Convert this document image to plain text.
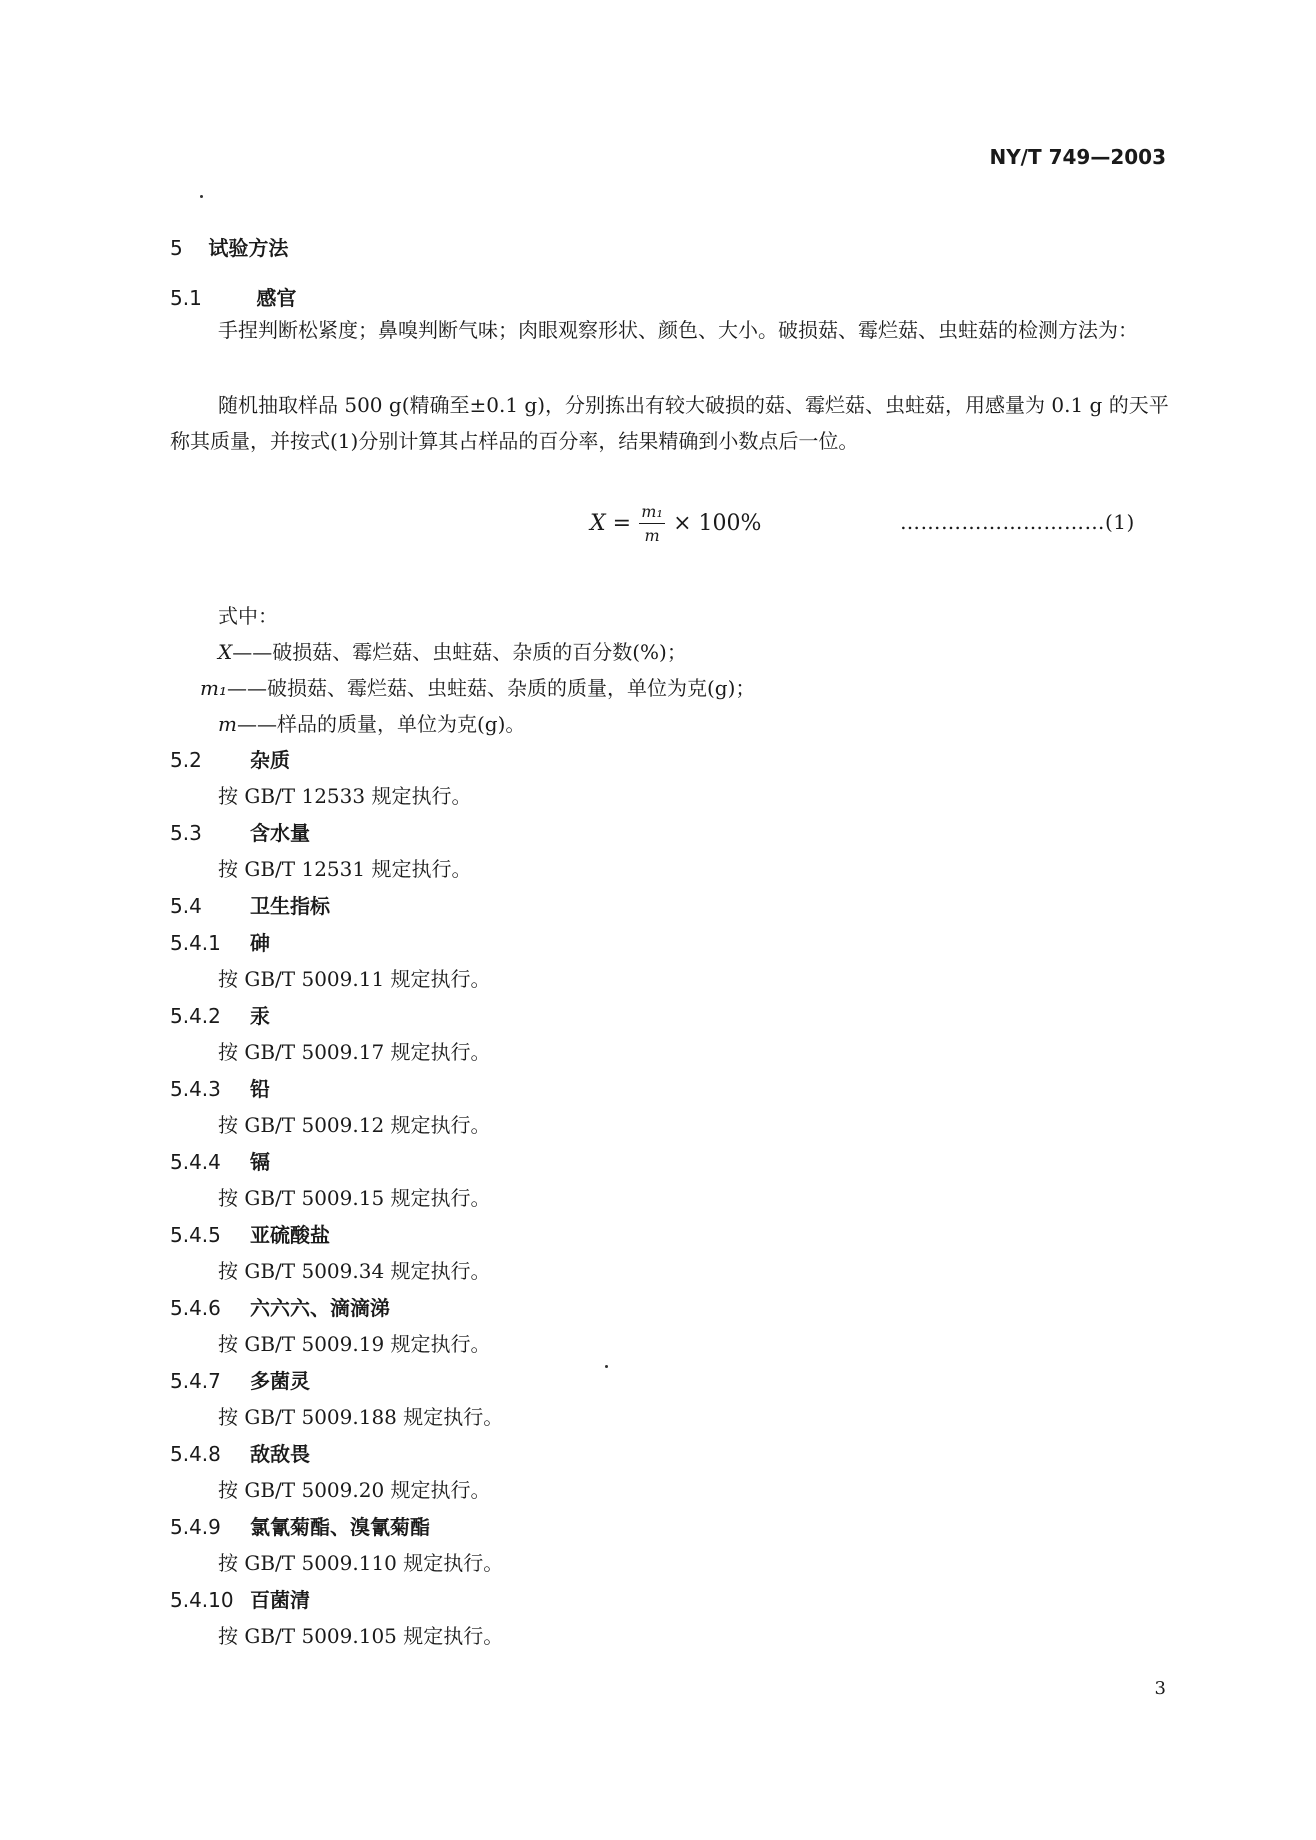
NY/T 749—2003
5 试验方法
5.1	感官
手捏判断松紧度；鼻嗅判断气味；肉眼观察形状、颜色、大小。破损菇、霉烂菇、虫蛀菇的检测方法为：
随机抽取样品 500 g(精确至±0.1 g)，分别拣出有较大破损的菇、霉烂菇、虫蛀菇，用感量为 0.1 g 的天平称其质量，并按式(1)分别计算其占样品的百分率，结果精确到小数点后一位。
$X = \frac{\text{m₁}}{m} \times 100\%$	…………………………(1)
式中：
X——破损菇、霉烂菇、虫蛀菇、杂质的百分数(%)；
m₁——破损菇、霉烂菇、虫蛀菇、杂质的质量，单位为克(g)；
m——样品的质量，单位为克(g)。
5.2 杂质
按 GB/T 12533 规定执行。
5.3 含水量
按 GB/T 12531 规定执行。
5.4 卫生指标
5.4.1 砷
按 GB/T 5009.11 规定执行。
5.4.2 汞
按 GB/T 5009.17 规定执行。
5.4.3 铅
按 GB/T 5009.12 规定执行。
5.4.4 镉
按 GB/T 5009.15 规定执行。
5.4.5 亚硫酸盐
按 GB/T 5009.34 规定执行。
5.4.6 六六六、滴滴涕
按 GB/T 5009.19 规定执行。
5.4.7 多菌灵
按 GB/T 5009.188 规定执行。
5.4.8 敌敌畏
按 GB/T 5009.20 规定执行。
5.4.9 氯氰菊酯、溴氰菊酯
按 GB/T 5009.110 规定执行。
5.4.10 百菌清
按 GB/T 5009.105 规定执行。
3
